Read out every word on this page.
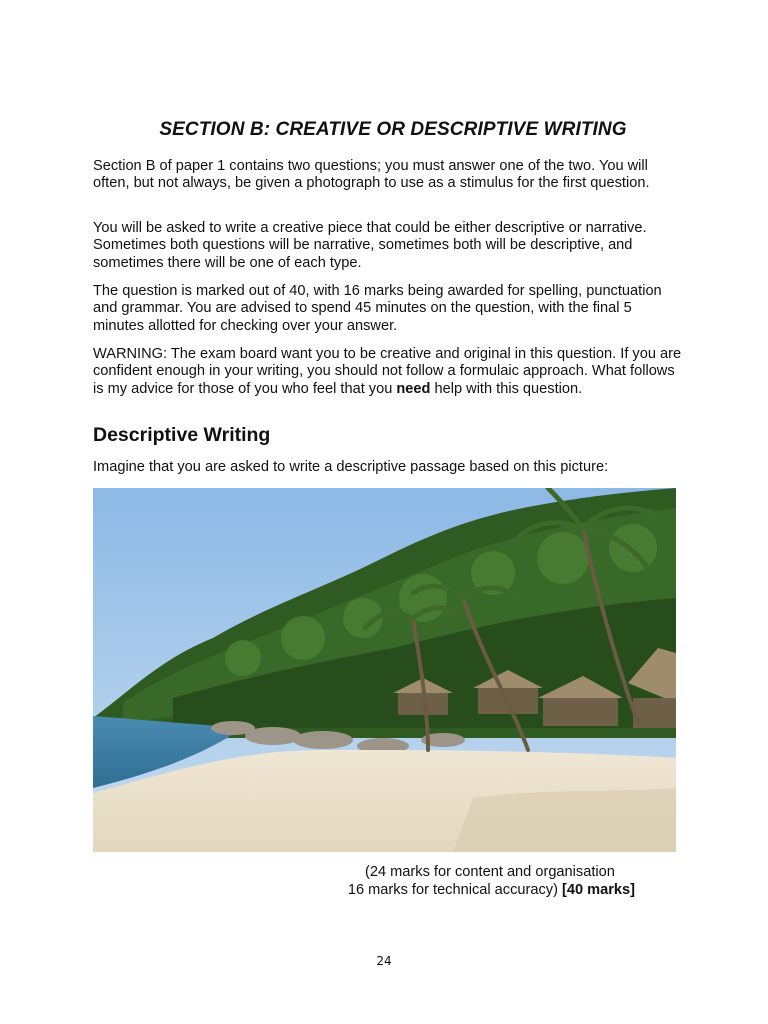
SECTION B: CREATIVE OR DESCRIPTIVE WRITING

Section B of paper 1 contains two questions; you must answer one of the two. You will often, but not always, be given a photograph to use as a stimulus for the first question.

You will be asked to write a creative piece that could be either descriptive or narrative. Sometimes both questions will be narrative, sometimes both will be descriptive, and sometimes there will be one of each type.

The question is marked out of 40, with 16 marks being awarded for spelling, punctuation and grammar. You are advised to spend 45 minutes on the question, with the final 5 minutes allotted for checking over your answer.

WARNING: The exam board want you to be creative and original in this question. If you are confident enough in your writing, you should not follow a formulaic approach. What follows is my advice for those of you who feel that you need help with this question.

Descriptive Writing

Imagine that you are asked to write a descriptive passage based on this picture:

(24 marks for content and organisation
16 marks for technical accuracy) [40 marks]

24
